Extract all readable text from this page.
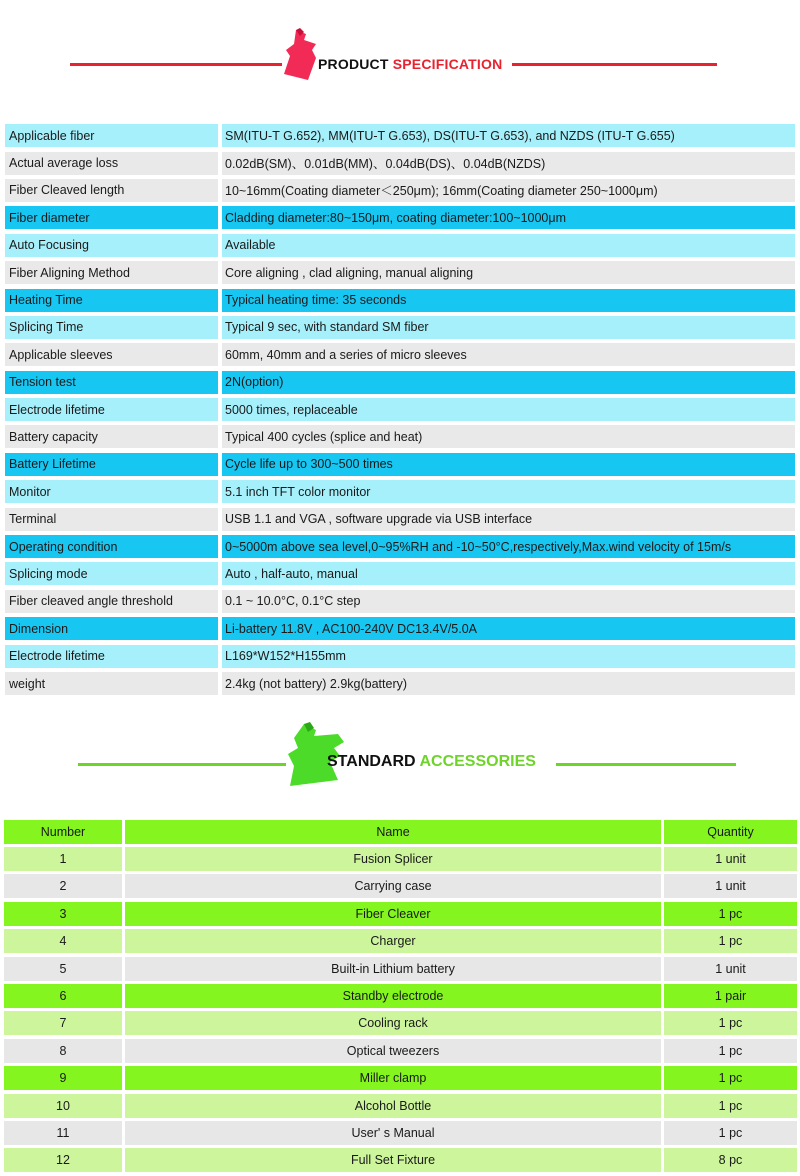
PRODUCT SPECIFICATION
Applicable fiber	SM(ITU-T G.652), MM(ITU-T G.653), DS(ITU-T G.653), and NZDS (ITU-T G.655)
Actual average loss	0.02dB(SM)、0.01dB(MM)、0.04dB(DS)、0.04dB(NZDS)
Fiber Cleaved length	10~16mm(Coating diameter＜250μm); 16mm(Coating diameter 250~1000μm)
Fiber diameter	Cladding diameter:80~150μm, coating diameter:100~1000μm
Auto Focusing	Available
Fiber Aligning Method	Core aligning , clad aligning, manual aligning
Heating Time	Typical heating time: 35 seconds
Splicing Time	Typical 9 sec, with standard SM fiber
Applicable sleeves	60mm, 40mm and a series of micro sleeves
Tension test	2N(option)
Electrode lifetime	5000 times, replaceable
Battery capacity	Typical 400 cycles (splice and heat)
Battery Lifetime	Cycle life up to 300~500 times
Monitor	5.1 inch TFT color monitor
Terminal	USB 1.1 and VGA , software upgrade via USB interface
Operating condition	0~5000m above sea level,0~95%RH and -10~50°C,respectively,Max.wind velocity of 15m/s
Splicing mode	Auto , half-auto, manual
Fiber cleaved angle threshold	0.1 ~ 10.0°C, 0.1°C step
Dimension	Li-battery 11.8V , AC100-240V DC13.4V/5.0A
Electrode lifetime	L169*W152*H155mm
weight	2.4kg (not battery) 2.9kg(battery)
STANDARD ACCESSORIES
Number	Name	Quantity
1	Fusion Splicer	1 unit
2	Carrying case	1 unit
3	Fiber Cleaver	1 pc
4	Charger	1 pc
5	Built-in Lithium battery	1 unit
6	Standby electrode	1 pair
7	Cooling rack	1 pc
8	Optical tweezers	1 pc
9	Miller clamp	1 pc
10	Alcohol Bottle	1 pc
11	User' s Manual	1 pc
12	Full Set Fixture	8 pc
